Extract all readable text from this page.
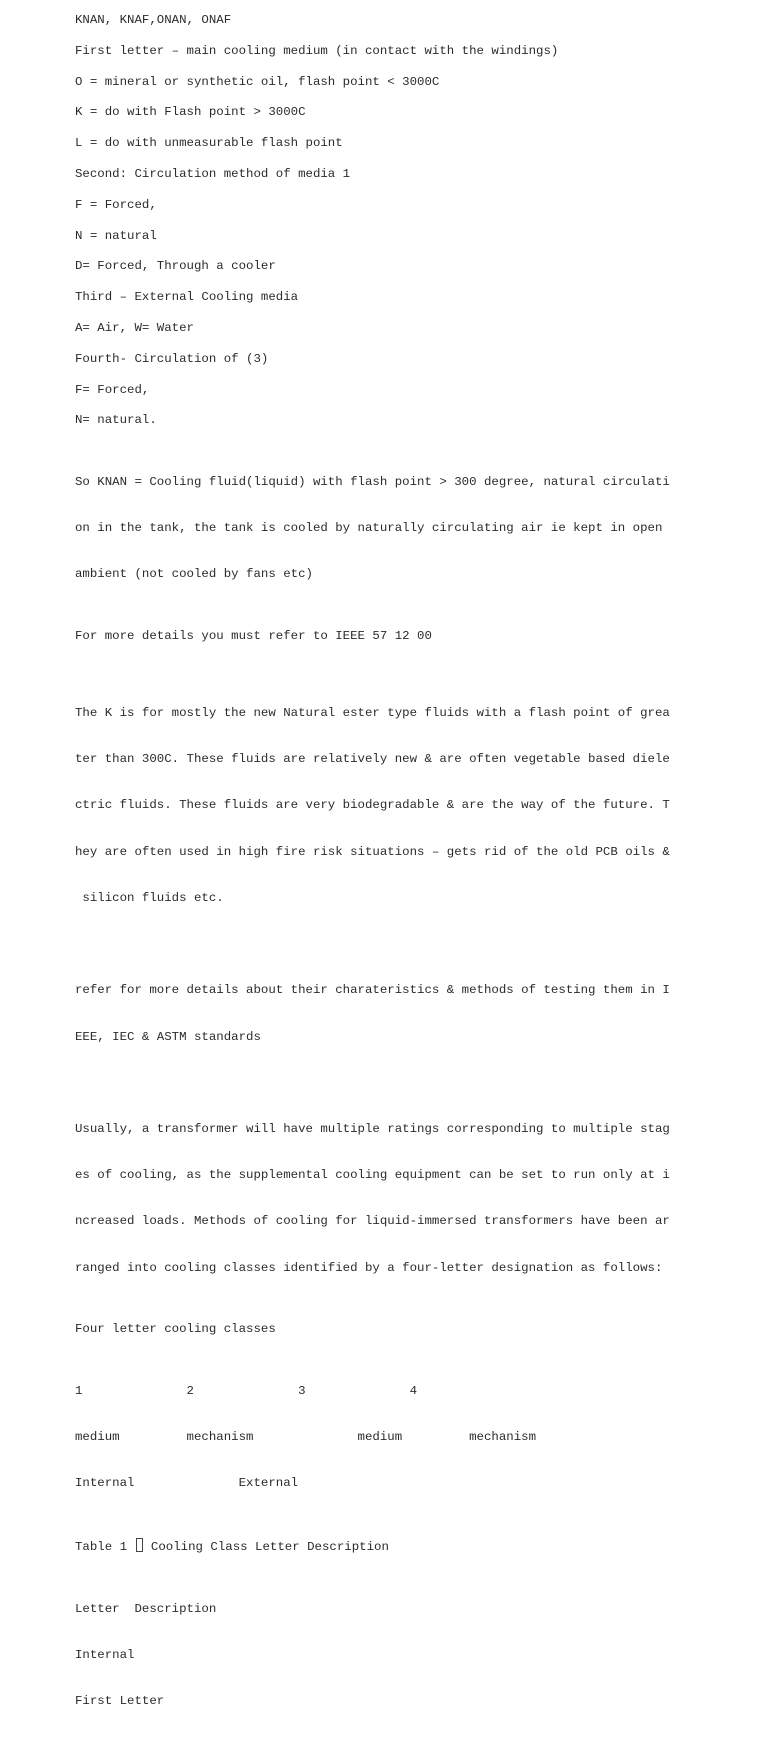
KNAN, KNAF,ONAN, ONAF
First letter – main cooling medium (in contact with the windings)
O = mineral or synthetic oil, flash point < 3000C
K = do with Flash point > 3000C
L = do with unmeasurable flash point
Second: Circulation method of media 1
F = Forced,
N = natural
D= Forced, Through a cooler
Third – External Cooling media
A= Air, W= Water
Fourth- Circulation of (3)
F= Forced,
N= natural.

So KNAN = Cooling fluid(liquid) with flash point > 300 degree, natural circulati

on in the tank, the tank is cooled by naturally circulating air ie kept in open

ambient (not cooled by fans etc)

For more details you must refer to IEEE 57 12 00

The K is for mostly the new Natural ester type fluids with a flash point of grea

ter than 300C. These fluids are relatively new & are often vegetable based diele

ctric fluids. These fluids are very biodegradable & are the way of the future. T

hey are often used in high fire risk situations – gets rid of the old PCB oils &

silicon fluids etc.

refer for more details about their charateristics & methods of testing them in I

EEE, IEC & ASTM standards

Usually, a transformer will have multiple ratings corresponding to multiple stag

es of cooling, as the supplemental cooling equipment can be set to run only at i

ncreased loads. Methods of cooling for liquid-immersed transformers have been ar

ranged into cooling classes identified by a four-letter designation as follows:

Four letter cooling classes

1              2              3              4

medium         mechanism              medium         mechanism

Internal              External

Table 1  Cooling Class Letter Description

Letter  Description

Internal

First Letter
